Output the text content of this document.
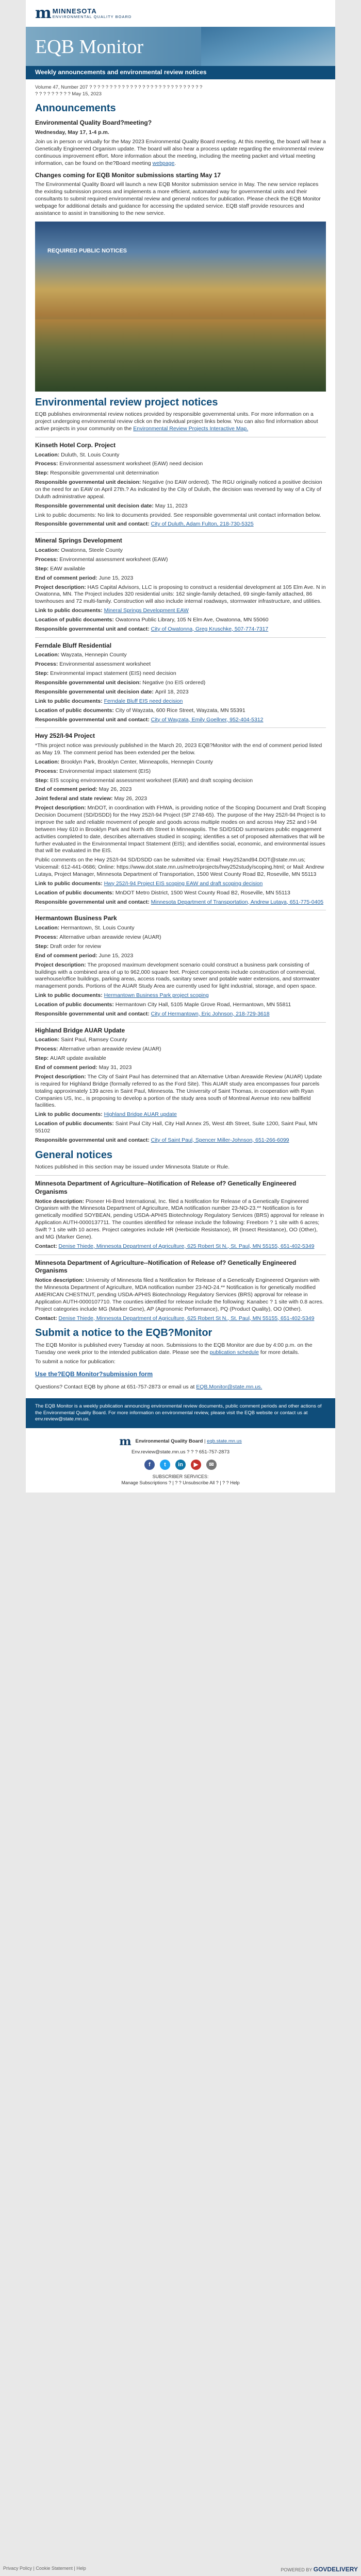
m MINNESOTA
ENVIRONMENTAL QUALITY BOARD
EQB Monitor
Weekly announcements and environmental review notices
Volume 47, Number 207 ? ? ? ? ? ? ? ? ? ? ? ? ? ? ? ? ? ? ? ? ? ? ? ? ? ? ? ?
? ? ? ? ? ? ? ? ? May 15, 2023
Announcements
Environmental Quality Board?meeting?

Wednesday, May 17, 1-4 p.m.

Join us in person or virtually for the May 2023 Environmental Quality Board meeting. At this meeting, the board will hear a Genetically Engineered Organism update. The board will also hear a process update regarding the environmental review continuous improvement effort. More information about the meeting, including the meeting packet and virtual meeting information, can be found on the?Board meeting webpage.

Changes coming for EQB Monitor submissions starting May 17

The Environmental Quality Board will launch a new EQB Monitor submission service in May. The new service replaces the existing submission process and implements a more efficient, automated way for governmental units and their consultants to submit required environmental review and general notices for publication. Please check the EQB Monitor webpage for additional details and guidance for accessing the updated service. EQB staff provide resources and assistance to assist in transitioning to the new service.

REQUIRED PUBLIC NOTICES
Environmental review project notices

EQB publishes environmental review notices provided by responsible governmental units. For more information on a project undergoing environmental review click on the individual project links below. You can also find information about active projects in your community on the Environmental Review Projects Interactive Map.

Kinseth Hotel Corp. Project

Location: Duluth, St. Louis County

Process: Environmental assessment worksheet (EAW) need decision

Step: Responsible governmental unit determination

Responsible governmental unit decision: Negative (no EAW ordered). The RGU originally noticed a positive decision on the need for an EAW on April 27th.? As indicated by the City of Duluth, the decision was reversed by way of a City of Duluth administrative appeal.

Responsible governmental unit decision date: May 11, 2023

Link to public documents: No link to documents provided. See responsible governmental unit contact information below.

Responsible governmental unit and contact: City of Duluth, Adam Fulton, 218-730-5325

Mineral Springs Development

Location: Owatonna, Steele County

Process: Environmental assessment worksheet (EAW)

Step: EAW available

End of comment period: June 15, 2023

Project description: HAS Capital Advisors, LLC is proposing to construct a residential development at 105 Elm Ave. N in Owatonna, MN. The Project includes 320 residential units: 162 single-family detached, 69 single-family attached, 86 townhouses and 72 multi-family. Construction will also include internal roadways, stormwater infrastructure, and utilities.

Link to public documents: Mineral Springs Development EAW

Location of public documents: Owatonna Public Library, 105 N Elm Ave, Owatonna, MN 55060

Responsible governmental unit and contact: City of Owatonna, Greg Kruschke, 507-774-7317

Ferndale Bluff Residential

Location: Wayzata, Hennepin County

Process: Environmental assessment worksheet

Step: Environmental impact statement (EIS) need decision

Responsible governmental unit decision: Negative (no EIS ordered)

Responsible governmental unit decision date: April 18, 2023

Link to public documents: Ferndale Bluff EIS need decision

Location of public documents: City of Wayzata, 600 Rice Street, Wayzata, MN 55391

Responsible governmental unit and contact: City of Wayzata, Emily Goellner, 952-404-5312

Hwy 252/I-94 Project

*This project notice was previously published in the March 20, 2023 EQB?Monitor with the end of comment period listed as May 19. The comment period has been extended per the below.

Location: Brooklyn Park, Brooklyn Center, Minneapolis, Hennepin County

Process: Environmental impact statement (EIS)

Step: EIS scoping environmental assessment worksheet (EAW) and draft scoping decision

End of comment period: May 26, 2023

Joint federal and state review: May 26, 2023

Project description: MnDOT, in coordination with FHWA, is providing notice of the Scoping Document and Draft Scoping Decision Document (SD/DSDD) for the Hwy 252/I-94 Project (SP 2748-65). The purpose of the Hwy 252/I-94 Project is to improve the safe and reliable movement of people and goods across multiple modes on and across Hwy 252 and I-94 between Hwy 610 in Brooklyn Park and North 4th Street in Minneapolis. The SD/DSDD summarizes public engagement activities completed to date, describes alternatives studied in scoping; identifies a set of proposed alternatives that will be further evaluated in the Environmental Impact Statement (EIS); and identifies social, economic, and environmental issues that will be evaluated in the EIS.

Public comments on the Hwy 252/I-94 SD/DSDD can be submitted via: Email: Hwy252and94.DOT@state.mn.us; Voicemail: 612-441-0686; Online: https://www.dot.state.mn.us/metro/projects/hwy252study/scoping.html; or Mail: Andrew Lutaya, Project Manager, Minnesota Department of Transportation, 1500 West County Road B2, Roseville, MN 55113

Link to public documents: Hwy 252/I-94 Project EIS scoping EAW and draft scoping decision

Location of public documents: MnDOT Metro District, 1500 West County Road B2, Roseville, MN 55113

Responsible governmental unit and contact: Minnesota Department of Transportation, Andrew Lutaya, 651-775-0405

Hermantown Business Park

Location: Hermantown, St. Louis County

Process: Alternative urban areawide review (AUAR)

Step: Draft order for review

End of comment period: June 15, 2023

Project description: The proposed maximum development scenario could construct a business park consisting of buildings with a combined area of up to 962,000 square feet. Project components include construction of commercial, warehouse/office buildings, parking areas, access roads, sanitary sewer and potable water extensions, and stormwater management ponds. Portions of the AUAR Study Area are currently used for light industrial, storage, and open space.

Link to public documents: Hermantown Business Park project scoping

Location of public documents: Hermantown City Hall, 5105 Maple Grove Road, Hermantown, MN 55811

Responsible governmental unit and contact: City of Hermantown, Eric Johnson, 218-729-3618

Highland Bridge AUAR Update

Location: Saint Paul, Ramsey County

Process: Alternative urban areawide review (AUAR)

Step: AUAR update available

End of comment period: May 31, 2023

Project description: The City of Saint Paul has determined that an Alternative Urban Areawide Review (AUAR) Update is required for Highland Bridge (formally referred to as the Ford Site). This AUAR study area encompasses four parcels totaling approximately 139 acres in Saint Paul, Minnesota. The University of Saint Thomas, in cooperation with Ryan Companies US, Inc., is proposing to develop a portion of the study area south of Montreal Avenue into new ballfield facilities.

Link to public documents: Highland Bridge AUAR update

Location of public documents: Saint Paul City Hall, City Hall Annex 25, West 4th Street, Suite 1200, Saint Paul, MN 55102

Responsible governmental unit and contact: City of Saint Paul, Spencer Miller-Johnson, 651-266-6099

General notices

Notices published in this section may be issued under Minnesota Statute or Rule.

Minnesota Department of Agriculture--Notification of Release of? Genetically Engineered Organisms

Notice description: Pioneer Hi-Bred International, Inc. filed a Notification for Release of a Genetically Engineered Organism with the Minnesota Department of Agriculture, MDA notification number 23-NO-23.** Notification is for genetically modified SOYBEAN, pending USDA-APHIS Biotechnology Regulatory Services (BRS) approval for release in Application AUTH-0000137711. The counties identified for release include the following: Freeborn ? 1 site with 6 acres; Swift ? 1 site with 10 acres. Project categories include HR (Herbicide Resistance), IR (Insect Resistance), OO (Other), and MG (Marker Gene).

Contact: Denise Thiede, Minnesota Department of Agriculture, 625 Robert St N., St. Paul, MN 55155, 651-402-5349

Minnesota Department of Agriculture--Notification of Release of? Genetically Engineered Organisms

Notice description: University of Minnesota filed a Notification for Release of a Genetically Engineered Organism with the Minnesota Department of Agriculture, MDA notification number 23-NO-24.** Notification is for genetically modified AMERICAN CHESTNUT, pending USDA-APHIS Biotechnology Regulatory Services (BRS) approval for release in Application AUTH-0000107710. The counties identified for release include the following: Kanabec ? 1 site with 0.8 acres. Project categories include MG (Marker Gene), AP (Agronomic Performance), PQ (Product Quality), OO (Other).

Contact: Denise Thiede, Minnesota Department of Agriculture, 625 Robert St N., St. Paul, MN 55155, 651-402-5349

Submit a notice to the EQB?Monitor

The EQB Monitor is published every Tuesday at noon. Submissions to the EQB Monitor are due by 4:00 p.m. on the Tuesday one week prior to the intended publication date. Please see the publication schedule for more details.

To submit a notice for publication:

Use the?EQB Monitor?submission form

Questions? Contact EQB by phone at 651-757-2873 or email us at EQB.Monitor@state.mn.us.

The EQB Monitor is a weekly publication announcing environmental review documents, public comment periods and other actions of the Environmental Quality Board. For more information on environmental review, please visit the EQB website or contact us at env.review@state.mn.us.
m Environmental Quality Board | eqb.state.mn.us
Env.review@state.mn.us ? ? ? 651-757-2873
f	t	in	▶	✉
SUBSCRIBER SERVICES:
Manage Subscriptions ? | ? ? Unsubscribe All ? | ? ? Help
Privacy Policy | Cookie Statement | Help	POWERED BY GOVDELIVERY
